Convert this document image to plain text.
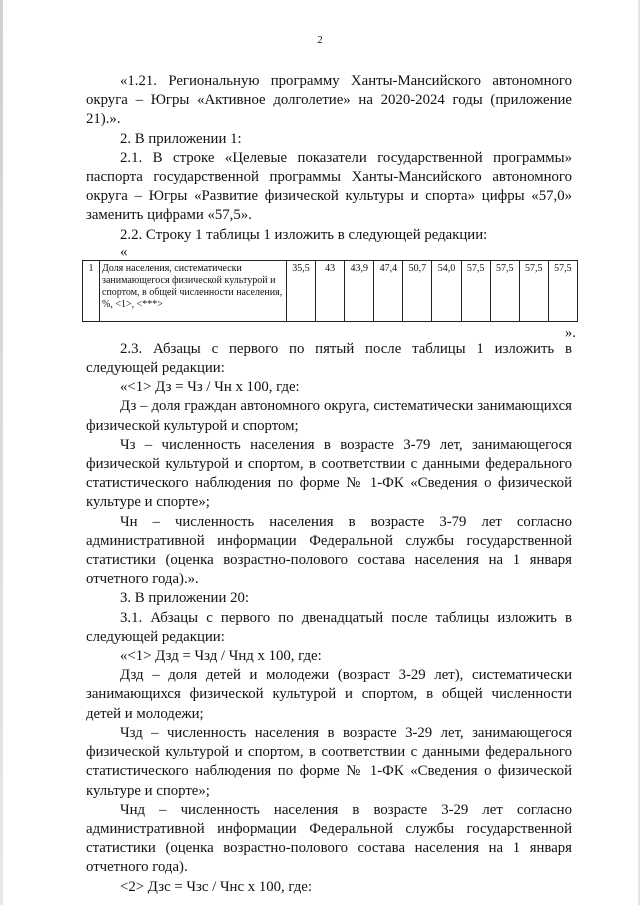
2

«1.21. Региональную программу Ханты-Мансийского автономного округа – Югры «Активное долголетие» на 2020-2024 годы (приложение 21).».

2. В приложении 1:

2.1. В строке «Целевые показатели государственной программы» паспорта государственной программы Ханты-Мансийского автономного округа – Югры «Развитие физической культуры и спорта» цифры «57,0» заменить цифрами «57,5».

2.2. Строку 1 таблицы 1 изложить в следующей редакции:

«

1	Доля населения, систематически занимающегося физической культурой и спортом, в общей численности населения, %, <1>, <***>	35,5	43	43,9	47,4	50,7	54,0	57,5	57,5	57,5	57,5
».

2.3. Абзацы с первого по пятый после таблицы 1 изложить в следующей редакции:

«<1> Дз = Чз / Чн х 100, где:

Дз – доля граждан автономного округа, систематически занимающихся физической культурой и спортом;

Чз – численность населения в возрасте 3-79 лет, занимающегося физической культурой и спортом, в соответствии с данными федерального статистического наблюдения по форме № 1-ФК «Сведения о физической культуре и спорте»;

Чн – численность населения в возрасте 3-79 лет согласно административной информации Федеральной службы государственной статистики (оценка возрастно-полового состава населения на 1 января отчетного года).».

3. В приложении 20:

3.1. Абзацы с первого по двенадцатый после таблицы изложить в следующей редакции:

«<1> Дзд = Чзд / Чнд х 100, где:

Дзд – доля детей и молодежи (возраст 3-29 лет), систематически занимающихся физической культурой и спортом, в общей численности детей и молодежи;

Чзд – численность населения в возрасте 3-29 лет, занимающегося физической культурой и спортом, в соответствии с данными федерального статистического наблюдения по форме № 1-ФК «Сведения о физической культуре и спорте»;

Чнд – численность населения в возрасте 3-29 лет согласно административной информации Федеральной службы государственной статистики (оценка возрастно-полового состава населения на 1 января отчетного года).

<2> Дзс = Чзс / Чнс х 100, где:
